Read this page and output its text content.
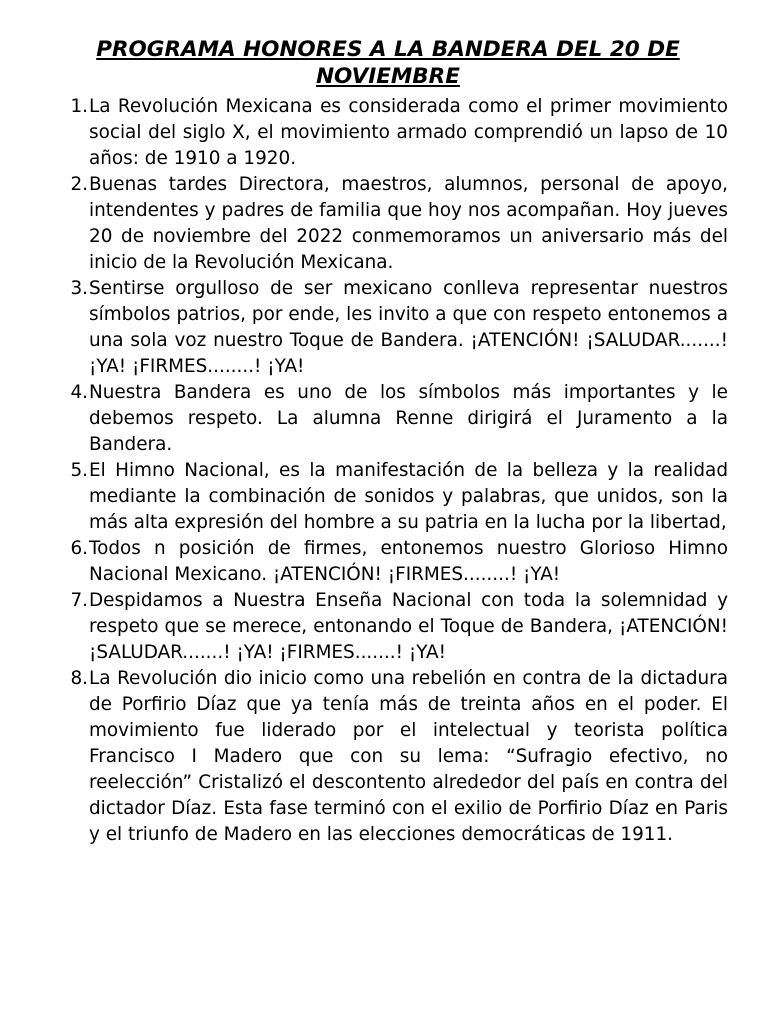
PROGRAMA HONORES A LA BANDERA DEL 20 DE NOVIEMBRE
1. La Revolución Mexicana es considerada como el primer movimiento social del siglo X, el movimiento armado comprendió un lapso de 10 años: de 1910 a 1920.
2. Buenas tardes Directora, maestros, alumnos, personal de apoyo, intendentes y padres de familia que hoy nos acompañan. Hoy jueves 20 de noviembre del 2022 conmemoramos un aniversario más del inicio de la Revolución Mexicana.
3. Sentirse orgulloso de ser mexicano conlleva representar nuestros símbolos patrios, por ende, les invito a que con respeto entonemos a una sola voz nuestro Toque de Bandera. ¡ATENCIÓN! ¡SALUDAR.......! ¡YA! ¡FIRMES........! ¡YA!
4. Nuestra Bandera es uno de los símbolos más importantes y le debemos respeto. La alumna Renne dirigirá el Juramento a la Bandera.
5. El Himno Nacional, es la manifestación de la belleza y la realidad mediante la combinación de sonidos y palabras, que unidos, son la más alta expresión del hombre a su patria en la lucha por la libertad,
6. Todos n posición de firmes, entonemos nuestro Glorioso Himno Nacional Mexicano. ¡ATENCIÓN! ¡FIRMES........! ¡YA!
7. Despidamos a Nuestra Enseña Nacional con toda la solemnidad y respeto que se merece, entonando el Toque de Bandera, ¡ATENCIÓN! ¡SALUDAR.......! ¡YA! ¡FIRMES.......! ¡YA!
8. La Revolución dio inicio como una rebelión en contra de la dictadura de Porfirio Díaz que ya tenía más de treinta años en el poder. El movimiento fue liderado por el intelectual y teorista política Francisco I Madero que con su lema: “Sufragio efectivo, no reelección” Cristalizó el descontento alrededor del país en contra del dictador Díaz. Esta fase terminó con el exilio de Porfirio Díaz en Paris y el triunfo de Madero en las elecciones democráticas de 1911.
